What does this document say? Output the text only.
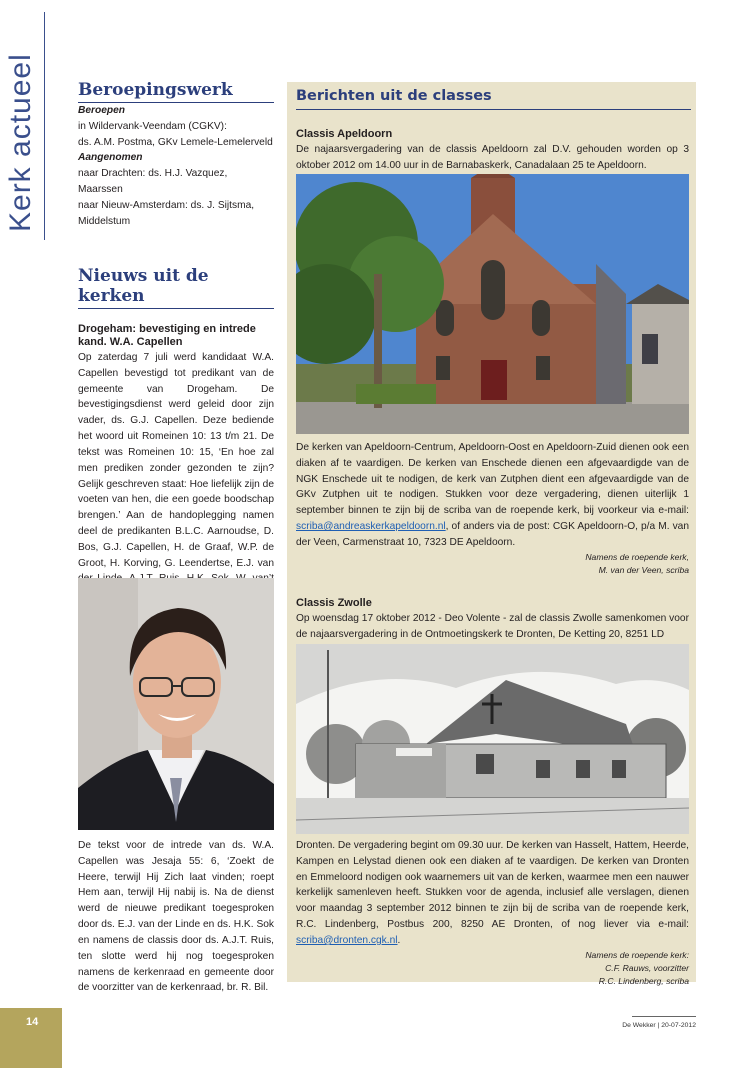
Kerk actueel Beroepingswerk
Beroepen

in Wildervank-Veendam (CGKV):

ds. A.M. Postma, GKv Lemele-Lemelerveld

Aangenomen

naar Drachten: ds. H.J. Vazquez, Maarssen

naar Nieuw-Amsterdam: ds. J. Sijtsma, Middelstum

Nieuws uit de kerken
Drogeham: bevestiging en intrede kand. W.A. Capellen

Op zaterdag 7 juli werd kandidaat W.A. Capellen bevestigd tot predikant van de gemeente van Drogeham. De bevestigingsdienst werd geleid door zijn vader, ds. G.J. Capellen. Deze bediende het woord uit Romeinen 10: 13 t/m 21. De tekst was Romeinen 10: 15, ‘En hoe zal men prediken zonder gezonden te zijn? Gelijk geschreven staat: Hoe liefelijk zijn de voeten van hen, die een goede boodschap brengen.’ Aan de handoplegging namen deel de predikanten B.L.C. Aarnoudse, D. Bos, G.J. Capellen, H. de Graaf, W.P. de Groot, H. Korving, G. Leendertse, E.J. van

De tekst voor de intrede van ds. W.A. Capellen was Jesaja 55: 6, ‘Zoekt de Heere, terwijl Hij Zich laat vinden; roept Hem aan, terwijl Hij nabij is. Na de dienst werd de nieuwe predikant toegesproken door ds. E.J. van der Linde en ds. H.K. Sok en namens de classis door ds. A.J.T. Ruis, ten slotte werd hij nog toegesproken namens de kerkenraad en gemeente door de voorzitter van de kerkenraad, br. R. Bil.

Berichten uit de classes
Classis Apeldoorn

De najaarsvergadering van de classis Apeldoorn zal D.V. gehouden worden op 3 oktober 2012 om 14.00 uur in de Barnabaskerk, Canadalaan 25 te Apeldoorn.

De kerken van Apeldoorn-Centrum, Apeldoorn-Oost en Apeldoorn-Zuid dienen ook een diaken af te vaardigen. De kerken van Enschede dienen een afgevaardigde van de NGK Enschede uit te nodigen, de kerk van Zutphen dient een afgevaardigde van de GKv Zutphen uit te nodigen. Stukken voor deze vergadering, dienen uiterlijk 1 september binnen te zijn bij de scriba van de roepende kerk, bij voorkeur via e-mail: scriba@andreaskerkapeldoorn.nl, of anders via de post: CGK Apeldoorn-O, p/a M. van der Veen, Carmenstraat 10, 7323 DE Apeldoorn.

Namens de roepende kerk,

M. van der Veen, scriba

Classis Zwolle

Op woensdag 17 oktober 2012 - Deo Volente - zal de classis Zwolle samenkomen voor de najaarsvergadering in de Ontmoetingskerk te Dronten, De Ketting 20, 8251 LD

Dronten. De vergadering begint om 09.30 uur. De kerken van Hasselt, Hattem, Heerde, Kampen en Lelystad dienen ook een diaken af te vaardigen. De kerken van Dronten en Emmeloord nodigen ook waarnemers uit van de kerken, waarmee men een nauwer kerkelijk samenleven heeft. Stukken voor de agenda, inclusief alle verslagen, dienen voor maandag 3 september 2012 binnen te zijn bij de scriba van de roepende kerk, R.C. Lindenberg, Postbus 200, 8250 AE Dronten, of nog liever via e-mail: scriba@dronten.cgk.nl.

Namens de roepende kerk:

C.F. Rauws, voorzitter

R.C. Lindenberg, scriba

14	De Wekker | 20-07-2012
